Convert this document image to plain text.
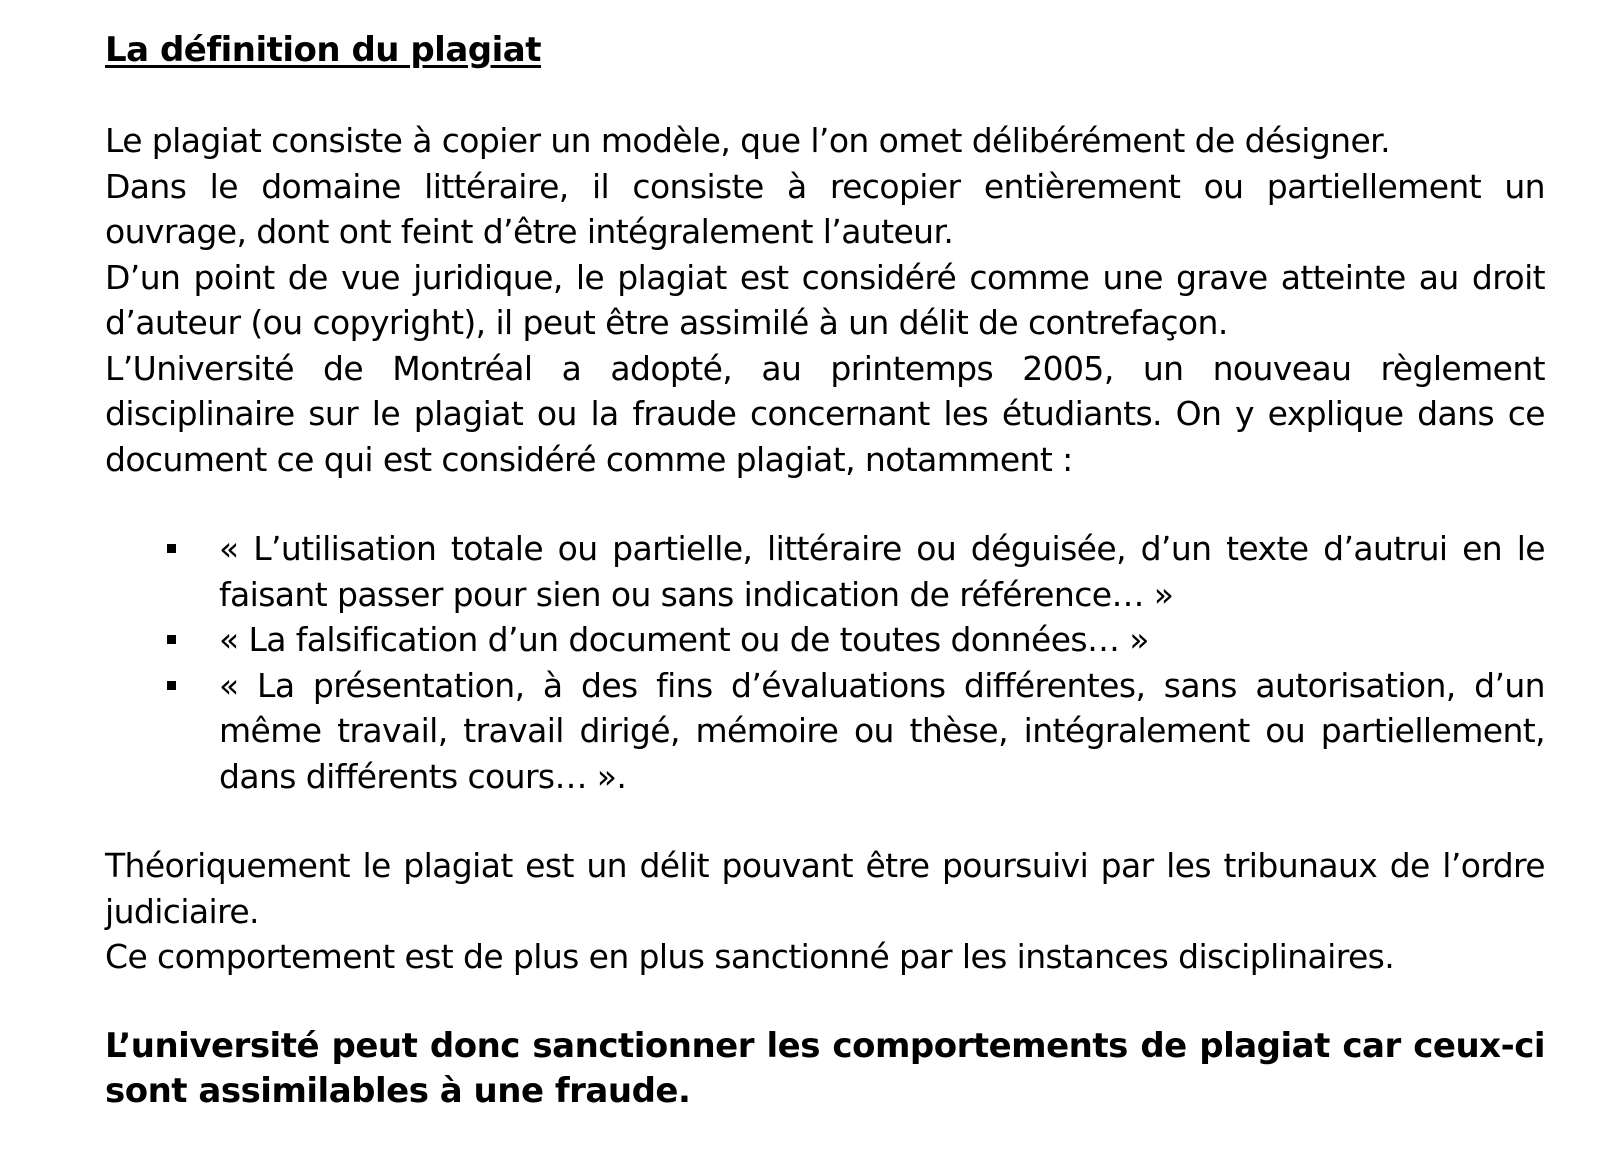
La définition du plagiat

Le plagiat consiste à copier un modèle, que l’on omet délibérément de désigner.

Dans le domaine littéraire, il consiste à recopier entièrement ou partiellement un ouvrage, dont ont feint d’être intégralement l’auteur.

D’un point de vue juridique, le plagiat est considéré comme une grave atteinte au droit d’auteur (ou copyright), il peut être assimilé à un délit de contrefaçon.

L’Université de Montréal a adopté, au printemps 2005, un nouveau règlement disciplinaire sur le plagiat ou la fraude concernant les étudiants. On y explique dans ce document ce qui est considéré comme plagiat, notamment :

« L’utilisation totale ou partielle, littéraire ou déguisée, d’un texte d’autrui en le faisant passer pour sien ou sans indication de référence… »
« La falsification d’un document ou de toutes données… »
« La présentation, à des fins d’évaluations différentes, sans autorisation, d’un même travail, travail dirigé, mémoire ou thèse, intégralement ou partiellement, dans différents cours… ».

Théoriquement le plagiat est un délit pouvant être poursuivi par les tribunaux de l’ordre judiciaire.

Ce comportement est de plus en plus sanctionné par les instances disciplinaires.

L’université peut donc sanctionner les comportements de plagiat car ceux-ci sont assimilables à une fraude.
